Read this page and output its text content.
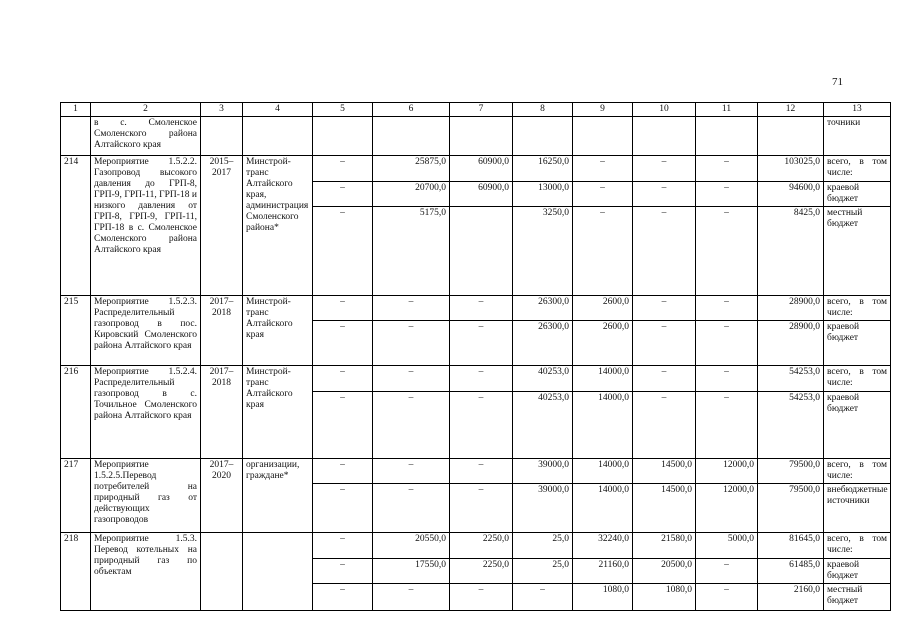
71
1	2	3	4	5	6	7	8	9	10	11	12	13
	в с. Смоленское Смоленского района Алтайского края											точники
214	Мероприятие 1.5.2.2. Газопровод высокого давления до ГРП-8, ГРП-9, ГРП-11, ГРП-18 и низкого давления от ГРП-8, ГРП-9, ГРП-11, ГРП-18 в с. Смоленское Смоленского района Алтайского края	2015–2017	Минстрой-транс Алтайского края, администрация Смоленского района*	–	25875,0	60900,0	16250,0	–	–	–	103025,0	всего, в том числе:
				–	20700,0	60900,0	13000,0	–	–	–	94600,0	краевой бюджет
				–	5175,0		3250,0	–	–	–	8425,0	местный бюджет
215	Мероприятие 1.5.2.3. Распределительный газопровод в пос. Кировский Смоленского района Алтайского края	2017–2018	Минстрой-транс Алтайского края	–	–	–	26300,0	2600,0	–	–	28900,0	всего, в том числе:
				–	–	–	26300,0	2600,0	–	–	28900,0	краевой бюджет
216	Мероприятие 1.5.2.4. Распределительный газопровод в с. Точильное Смоленского района Алтайского края	2017–2018	Минстрой-транс Алтайского края	–	–	–	40253,0	14000,0	–	–	54253,0	всего, в том числе:
				–	–	–	40253,0	14000,0	–	–	54253,0	краевой бюджет
217	Мероприятие 1.5.2.5.Перевод потребителей на природный газ от действующих газопроводов	2017–2020	организации, граждане*	–	–	–	39000,0	14000,0	14500,0	12000,0	79500,0	всего, в том числе:
				–	–	–	39000,0	14000,0	14500,0	12000,0	79500,0	внебюджетные источники
218	Мероприятие 1.5.3. Перевод котельных на природный газ по объектам			–	20550,0	2250,0	25,0	32240,0	21580,0	5000,0	81645,0	всего, в том числе:
				–	17550,0	2250,0	25,0	21160,0	20500,0	–	61485,0	краевой бюджет
				–	–	–	–	1080,0	1080,0	–	2160,0	местный бюджет
